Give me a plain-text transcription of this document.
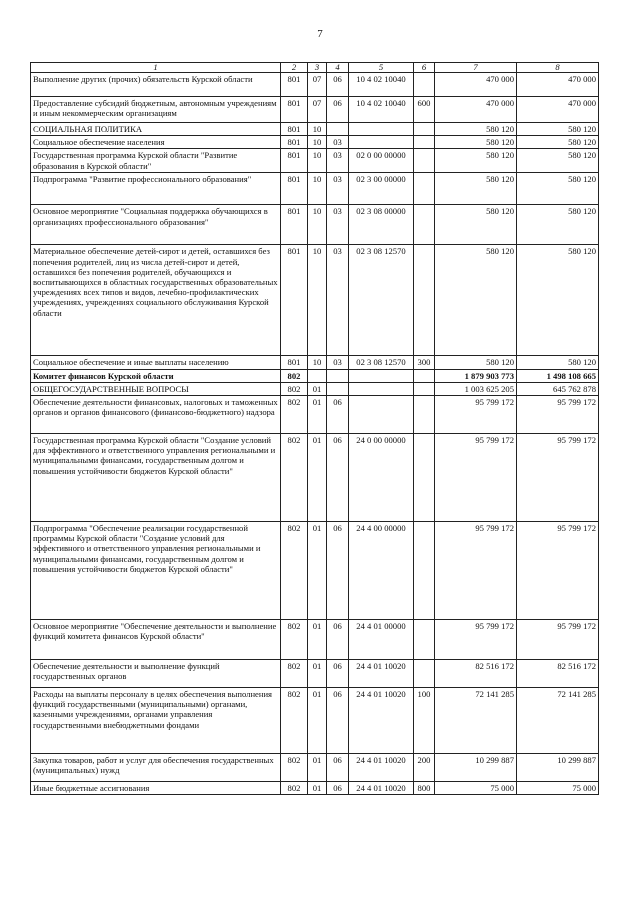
7
1	2	3	4	5	6	7	8
Выполнение других (прочих) обязательств Курской области	801	07	06	10 4 02 10040		470 000	470 000
Предоставление субсидий бюджетным, автономным учреждениям и иным некоммерческим организациям	801	07	06	10 4 02 10040	600	470 000	470 000
СОЦИАЛЬНАЯ ПОЛИТИКА	801	10				580 120	580 120
Социальное обеспечение населения	801	10	03			580 120	580 120
Государственная программа Курской области "Развитие образования в Курской области"	801	10	03	02 0 00 00000		580 120	580 120
Подпрограмма "Развитие профессионального образования"	801	10	03	02 3 00 00000		580 120	580 120
Основное мероприятие "Социальная поддержка обучающихся в организациях профессионального образования"	801	10	03	02 3 08 00000		580 120	580 120
Материальное обеспечение детей-сирот и детей, оставшихся без попечения родителей, лиц из числа детей-сирот и детей, оставшихся без попечения родителей, обучающихся и воспитывающихся в областных государственных образовательных учреждениях всех типов и видов, лечебно-профилактических учреждениях, учреждениях социального обслуживания Курской области	801	10	03	02 3 08 12570		580 120	580 120
Социальное обеспечение и иные выплаты населению	801	10	03	02 3 08 12570	300	580 120	580 120
Комитет финансов Курской области	802					1 879 903 773	1 498 108 665
ОБЩЕГОСУДАРСТВЕННЫЕ ВОПРОСЫ	802	01				1 003 625 205	645 762 878
Обеспечение деятельности финансовых, налоговых и таможенных органов и органов финансового (финансово-бюджетного) надзора	802	01	06			95 799 172	95 799 172
Государственная программа Курской области "Создание условий для эффективного и ответственного управления региональными и муниципальными финансами, государственным долгом и повышения устойчивости бюджетов Курской области"	802	01	06	24 0 00 00000		95 799 172	95 799 172
Подпрограмма "Обеспечение реализации государственной программы Курской области "Создание условий для эффективного и ответственного управления региональными и муниципальными финансами, государственным долгом и повышения устойчивости бюджетов Курской области"	802	01	06	24 4 00 00000		95 799 172	95 799 172
Основное мероприятие "Обеспечение деятельности и выполнение функций комитета финансов Курской области"	802	01	06	24 4 01 00000		95 799 172	95 799 172
Обеспечение деятельности и выполнение функций государственных органов	802	01	06	24 4 01 10020		82 516 172	82 516 172
Расходы на выплаты персоналу в целях обеспечения выполнения функций государственными (муниципальными) органами, казенными учреждениями, органами управления государственными внебюджетными фондами	802	01	06	24 4 01 10020	100	72 141 285	72 141 285
Закупка товаров, работ и услуг для обеспечения государственных (муниципальных) нужд	802	01	06	24 4 01 10020	200	10 299 887	10 299 887
Иные бюджетные ассигнования	802	01	06	24 4 01 10020	800	75 000	75 000
